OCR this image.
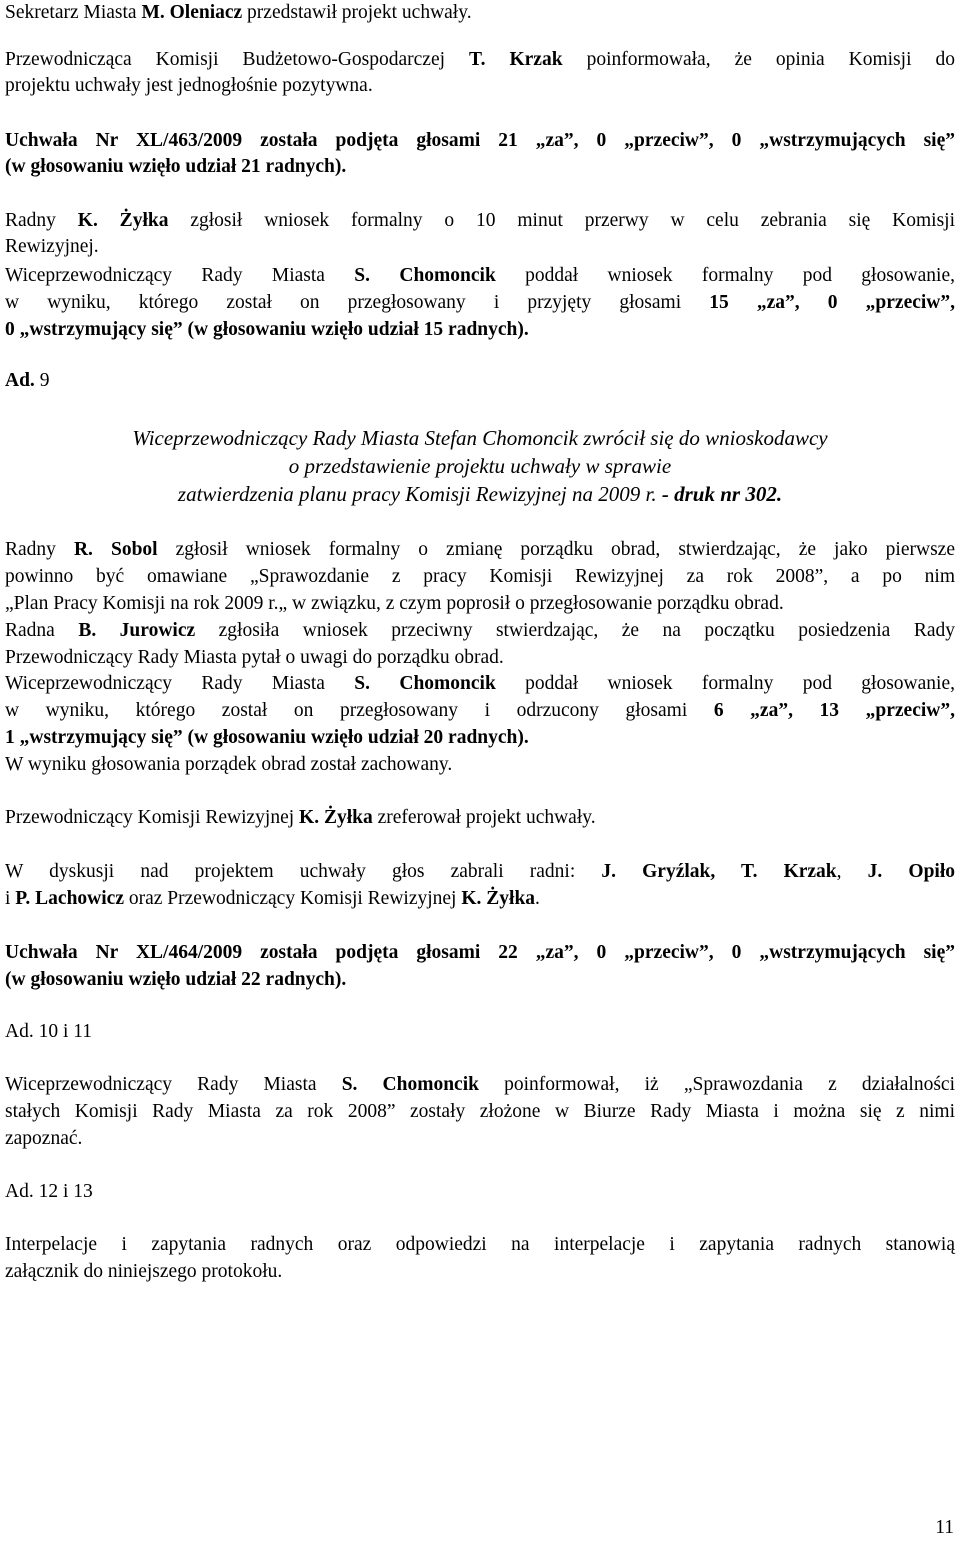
Sekretarz Miasta M. Oleniacz przedstawił projekt uchwały.
Przewodnicząca Komisji Budżetowo-Gospodarczej T. Krzak poinformowała, że opinia Komisji do
projektu uchwały jest jednogłośnie pozytywna.
Uchwała Nr XL/463/2009 została podjęta głosami 21 „za”, 0 „przeciw”, 0 „wstrzymujących się”
(w głosowaniu wzięło udział 21 radnych).
Radny K. Żyłka zgłosił wniosek formalny o 10 minut przerwy w celu zebrania się Komisji
Rewizyjnej.
Wiceprzewodniczący Rady Miasta S. Chomoncik poddał wniosek formalny pod głosowanie,
w wyniku, którego został on przegłosowany i przyjęty głosami 15 „za”, 0 „przeciw”,
0 „wstrzymujący się” (w głosowaniu wzięło udział 15 radnych).
Ad. 9
Wiceprzewodniczący Rady Miasta Stefan Chomoncik zwrócił się do wnioskodawcy
o przedstawienie projektu uchwały w sprawie
zatwierdzenia planu pracy Komisji Rewizyjnej na 2009 r. - druk nr 302.
Radny R. Sobol zgłosił wniosek formalny o zmianę porządku obrad, stwierdzając, że jako pierwsze
powinno być omawiane „Sprawozdanie z pracy Komisji Rewizyjnej za rok 2008”, a po nim
„Plan Pracy Komisji na rok 2009 r.„ w związku, z czym poprosił o przegłosowanie porządku obrad.
Radna B. Jurowicz zgłosiła wniosek przeciwny stwierdzając, że na początku posiedzenia Rady
Przewodniczący Rady Miasta pytał o uwagi do porządku obrad.
Wiceprzewodniczący Rady Miasta S. Chomoncik poddał wniosek formalny pod głosowanie,
w wyniku, którego został on przegłosowany i odrzucony głosami 6 „za”, 13 „przeciw”,
1 „wstrzymujący się” (w głosowaniu wzięło udział 20 radnych).
W wyniku głosowania porządek obrad został zachowany.
Przewodniczący Komisji Rewizyjnej K. Żyłka zreferował projekt uchwały.
W dyskusji nad projektem uchwały głos zabrali radni: J. Gryźlak, T. Krzak, J. Opiło
i P. Lachowicz oraz Przewodniczący Komisji Rewizyjnej K. Żyłka.
Uchwała Nr XL/464/2009 została podjęta głosami 22 „za”, 0 „przeciw”, 0 „wstrzymujących się”
(w głosowaniu wzięło udział 22 radnych).
Ad. 10 i 11
Wiceprzewodniczący Rady Miasta S. Chomoncik poinformował, iż „Sprawozdania z działalności
stałych Komisji Rady Miasta za rok 2008” zostały złożone w Biurze Rady Miasta i można się z nimi
zapoznać.
Ad. 12 i 13
Interpelacje i zapytania radnych oraz odpowiedzi na interpelacje i zapytania radnych stanowią
załącznik do niniejszego protokołu.
11
